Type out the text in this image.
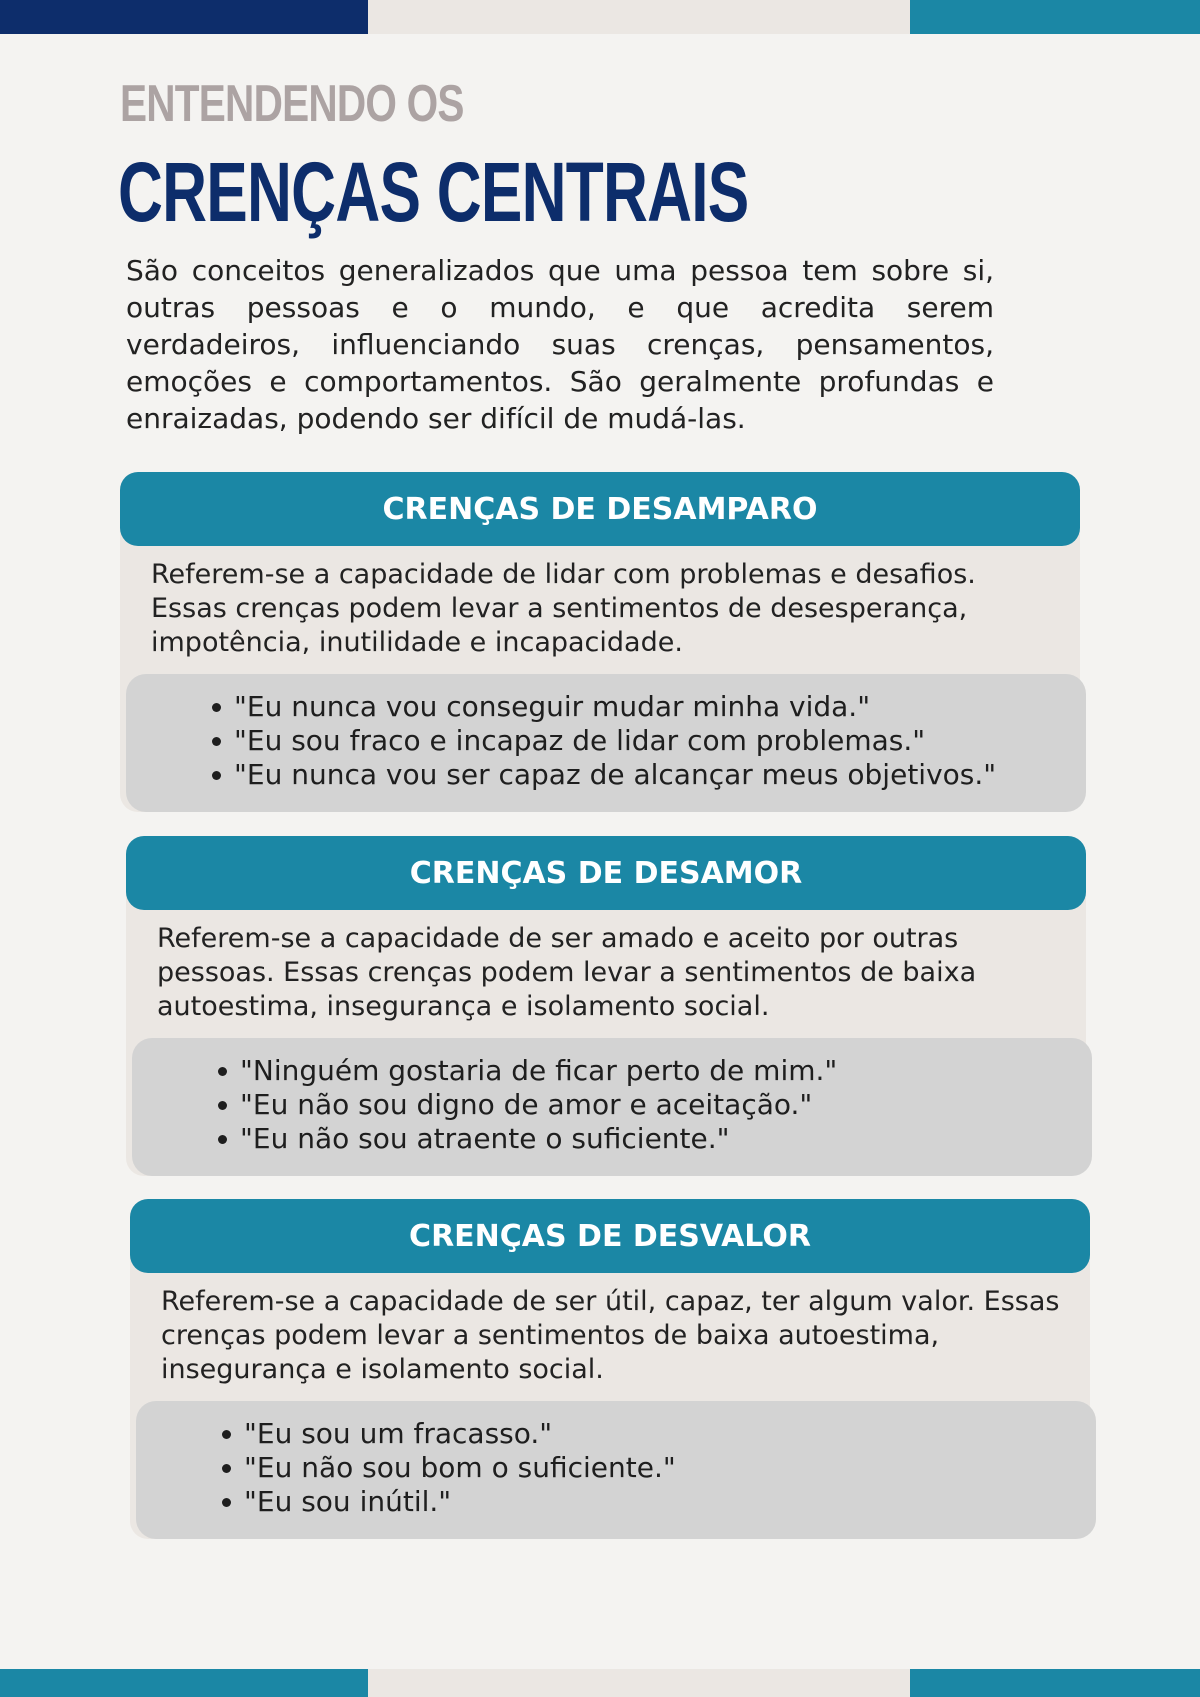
ENTENDENDO OS
CRENÇAS CENTRAIS

São conceitos generalizados que uma pessoa tem sobre si, outras pessoas e o mundo, e que acredita serem verdadeiros, influenciando suas crenças, pensamentos, emoções e comportamentos. São geralmente profundas e enraizadas, podendo ser difícil de mudá-las.

CRENÇAS DE DESAMPARO
Referem-se a capacidade de lidar com problemas e desafios. Essas crenças podem levar a sentimentos de desesperança, impotência, inutilidade e incapacidade.
"Eu nunca vou conseguir mudar minha vida."
"Eu sou fraco e incapaz de lidar com problemas."
"Eu nunca vou ser capaz de alcançar meus objetivos."
CRENÇAS DE DESAMOR
Referem-se a capacidade de ser amado e aceito por outras pessoas. Essas crenças podem levar a sentimentos de baixa autoestima, insegurança e isolamento social.
"Ninguém gostaria de ficar perto de mim."
"Eu não sou digno de amor e aceitação."
"Eu não sou atraente o suficiente."
CRENÇAS DE DESVALOR
Referem-se a capacidade de ser útil, capaz, ter algum valor. Essas crenças podem levar a sentimentos de baixa autoestima, insegurança e isolamento social.
"Eu sou um fracasso."
"Eu não sou bom o suficiente."
"Eu sou inútil."
